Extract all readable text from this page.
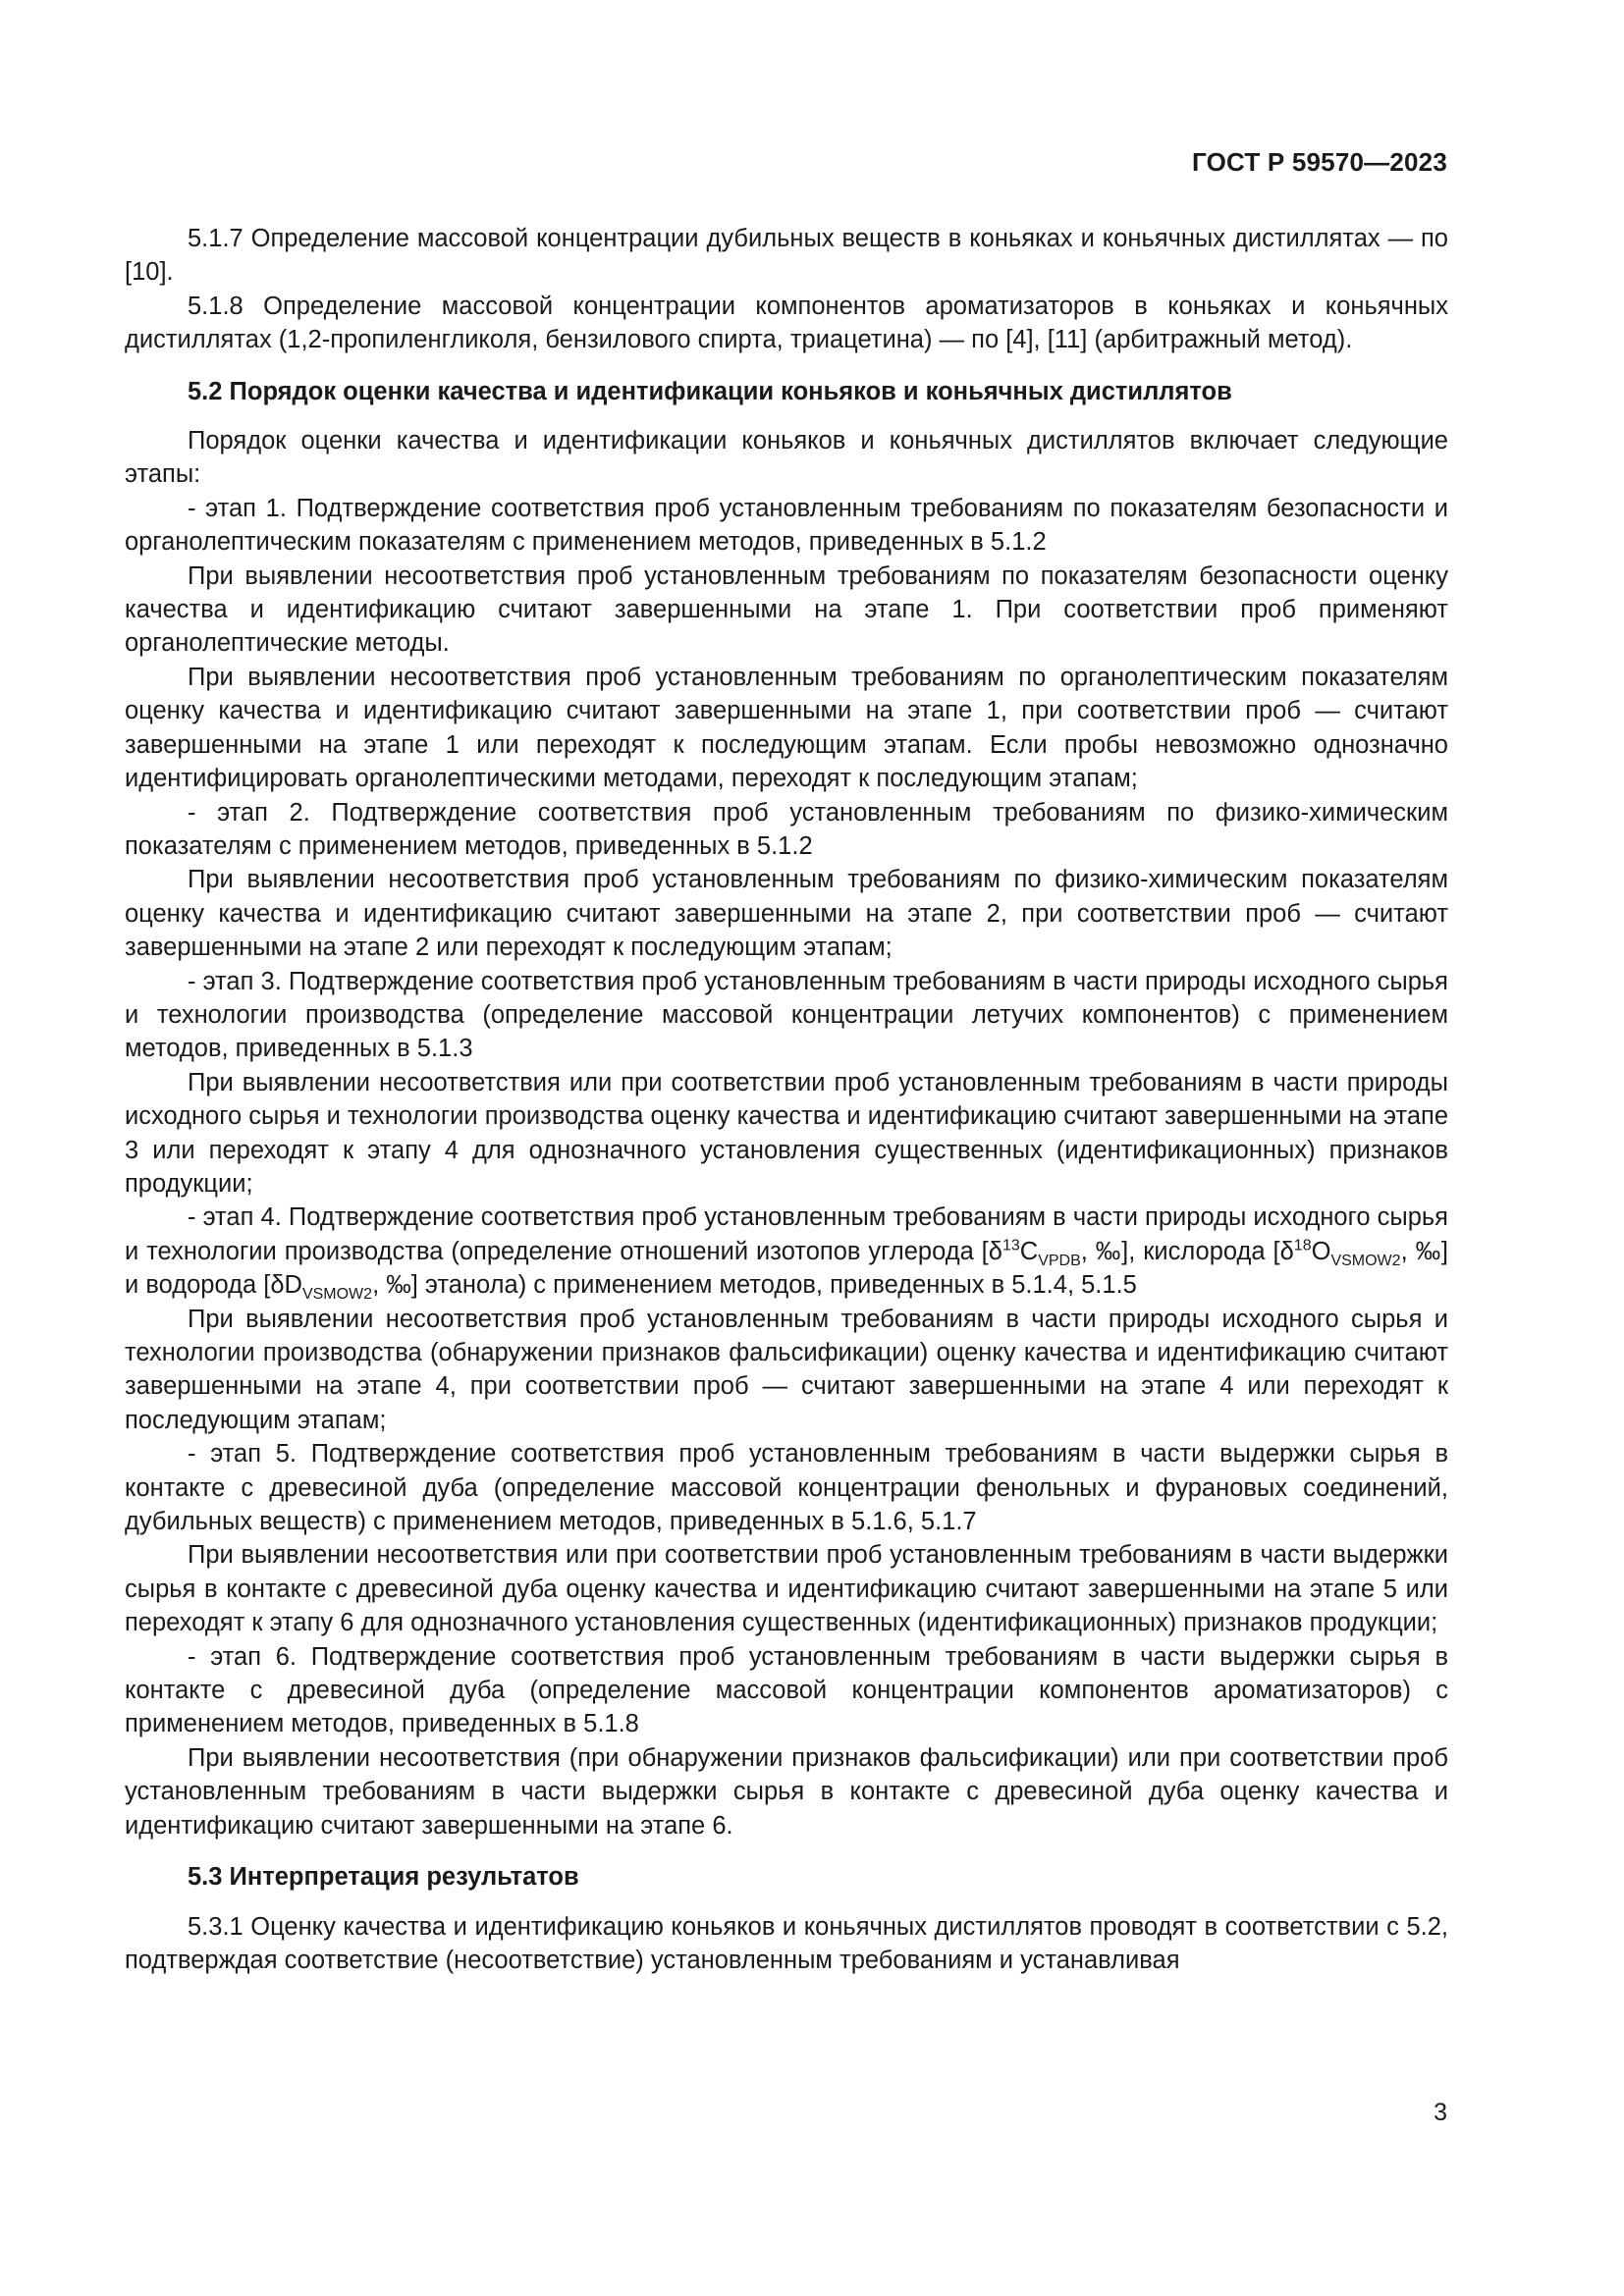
ГОСТ Р 59570—2023

5.1.7 Определение массовой концентрации дубильных веществ в коньяках и коньячных дистиллятах — по [10].

5.1.8 Определение массовой концентрации компонентов ароматизаторов в коньяках и коньячных дистиллятах (1,2-пропиленгликоля, бензилового спирта, триацетина) — по [4], [11] (арбитражный метод).

5.2 Порядок оценки качества и идентификации коньяков и коньячных дистиллятов

Порядок оценки качества и идентификации коньяков и коньячных дистиллятов включает следующие этапы:

- этап 1. Подтверждение соответствия проб установленным требованиям по показателям безопасности и органолептическим показателям с применением методов, приведенных в 5.1.2

При выявлении несоответствия проб установленным требованиям по показателям безопасности оценку качества и идентификацию считают завершенными на этапе 1. При соответствии проб применяют органолептические методы.

При выявлении несоответствия проб установленным требованиям по органолептическим показателям оценку качества и идентификацию считают завершенными на этапе 1, при соответствии проб — считают завершенными на этапе 1 или переходят к последующим этапам. Если пробы невозможно однозначно идентифицировать органолептическими методами, переходят к последующим этапам;

- этап 2. Подтверждение соответствия проб установленным требованиям по физико-химическим показателям с применением методов, приведенных в 5.1.2

При выявлении несоответствия проб установленным требованиям по физико-химическим показателям оценку качества и идентификацию считают завершенными на этапе 2, при соответствии проб — считают завершенными на этапе 2 или переходят к последующим этапам;

- этап 3. Подтверждение соответствия проб установленным требованиям в части природы исходного сырья и технологии производства (определение массовой концентрации летучих компонентов) с применением методов, приведенных в 5.1.3

При выявлении несоответствия или при соответствии проб установленным требованиям в части природы исходного сырья и технологии производства оценку качества и идентификацию считают завершенными на этапе 3 или переходят к этапу 4 для однозначного установления существенных (идентификационных) признаков продукции;

- этап 4. Подтверждение соответствия проб установленным требованиям в части природы исходного сырья и технологии производства (определение отношений изотопов углерода [$\delta^{13}C_{VPDB}$, ‰], кислорода [$\delta^{18}O_{VSMOW2}$, ‰] и водорода [$\delta D_{VSMOW2}$, ‰] этанола) с применением методов, приведенных в 5.1.4, 5.1.5

При выявлении несоответствия проб установленным требованиям в части природы исходного сырья и технологии производства (обнаружении признаков фальсификации) оценку качества и идентификацию считают завершенными на этапе 4, при соответствии проб — считают завершенными на этапе 4 или переходят к последующим этапам;

- этап 5. Подтверждение соответствия проб установленным требованиям в части выдержки сырья в контакте с древесиной дуба (определение массовой концентрации фенольных и фурановых соединений, дубильных веществ) с применением методов, приведенных в 5.1.6, 5.1.7

При выявлении несоответствия или при соответствии проб установленным требованиям в части выдержки сырья в контакте с древесиной дуба оценку качества и идентификацию считают завершенными на этапе 5 или переходят к этапу 6 для однозначного установления существенных (идентификационных) признаков продукции;

- этап 6. Подтверждение соответствия проб установленным требованиям в части выдержки сырья в контакте с древесиной дуба (определение массовой концентрации компонентов ароматизаторов) с применением методов, приведенных в 5.1.8

При выявлении несоответствия (при обнаружении признаков фальсификации) или при соответствии проб установленным требованиям в части выдержки сырья в контакте с древесиной дуба оценку качества и идентификацию считают завершенными на этапе 6.

5.3 Интерпретация результатов

5.3.1 Оценку качества и идентификацию коньяков и коньячных дистиллятов проводят в соответствии с 5.2, подтверждая соответствие (несоответствие) установленным требованиям и устанавливая

3
